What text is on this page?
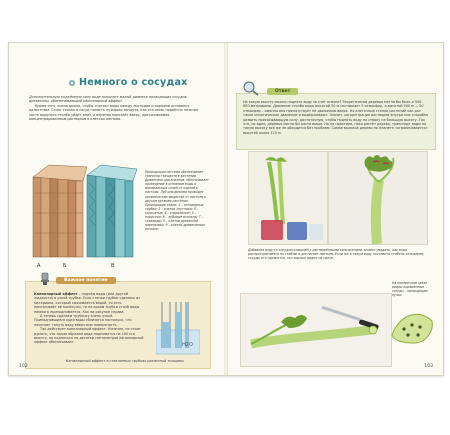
Немного о сосудах

Дополнительную подъёмную силу воде помогает малый диаметр проводящих сосудов древесины, обеспечивающий капиллярный эффект.

Кроме того, очень важно, чтобы «поток» воды между листьями и корнями оставался целостным. Стоит только в сосуд попасть пузырьку воздуха, как эта связь порвётся: нижняя часть водяного столба уйдёт вниз, а верхняя поползёт вверх, притягиваемая концентрированным раствором в клетках листьев.

А	Б	В

Проводящая система обеспечивает транспорт веществ в растении. Древесина или ксилема, обеспечивает проведение в основном воды и минеральных солей от корней к листьям. Луб или флоэма проводит органические вещества от листьев к другим органам растения. Проводящие ткани: 1 – ситовидные трубки; 2 – клетки-спутники; 3 – кольчатые; 4 – спиральные; 5 – пористые; 6 – лубяные волокна; 7 – трахеиды; 8 – клетки древесной паренхимы; 9 – клетки древесинных волокон.

Важное понятие

Капиллярный эффект – подъём воды (или другой жидкости) в узкой трубке. Если стенки трубки сделаны из материала, который смачивается водой, то есть притягивает её молекулы, то по краям трубки столб воды немного приподнимается. Как на рисунке справа.

А теперь сделаем трубочку очень узкой. Приподнявшиеся края воды сблизятся настолько, что начинает тянуть воду вверх всю поверхность.

Так действует капиллярный эффект. Конечно, не стоит думать, что таким образом вода поднимется на 100 м в высоту, но подняться на десятки сантиметров капиллярный эффект обеспечивает.	H2O

Капиллярный эффект в стеклянных трубках различной толщины

102
Ответ

На какую высоту можно поднять воду за счёт осмоса? Теоретически деревья могли бы быть и 500-600-метровыми. Давление столба воды высотой 50 м составляет 5 атмосфер, а высотой 500 м — 50 атмосфер – именно оно препятствует её движению вверх. Но клеточные стенки растений как раз такое осмотическое давление и выдерживают. Значит, концентрация растворов внутри них способна развить присасывающую силу, достаточную, чтобы поднять воду по стволу на большую высоту. Так что, по идее, деревья могли бы расти выше. Но на практике, пока растёт дерево, транспорт воды на такую высоту всё же не обходится без проблем. Самое высокое дерево на планете «ограничивается» высотой около 115 м.

Добавляя воду со сосудом кожицей с растворёнными красителями, можно увидеть, как вода распространяется по стеблю и достигает листьев. Если же в такую воду поставить стебель сельдерея, сосуды его окрасятся, что хорошо видно на срезе.

На поперечном срезе видны окрашенные сосуды – проводящие пучки

103
